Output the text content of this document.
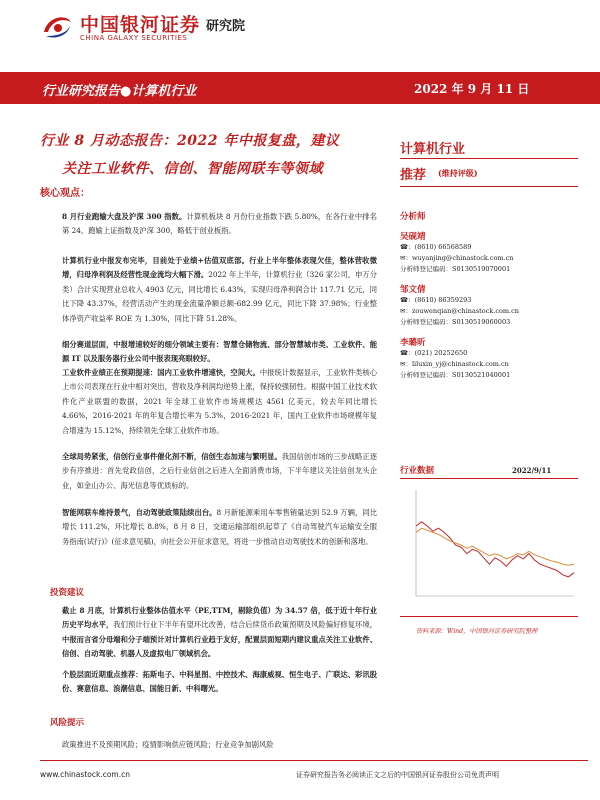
中国银河证券
CHINA GALAXY SECURITIES
研究院
行业研究报告●计算机行业	2022 年 9 月 11 日
行业 8 月动态报告：2022 年中报复盘，建议
关注工业软件、信创、智能网联车等领域
核心观点：
计算机行业
推荐 (维持评级)
分析师
吴砚靖
☎：(8610) 66568589
✉：wuyanjing@chinastock.com.cn
分析师登记编码：S0130519070001
邹文倩
☎：(8610) 86359293
✉：zouwenqian@chinastock.com.cn
分析师登记编码：S0130519060003
李璐昕
☎：(021) 20252650
✉：liluxin_yj@chinastock.com.cn
分析师登记编码：S0130521040001
行业数据	2022/9/11
资料来源：Wind，中国银河证券研究院整理
8 月行业跑输大盘及沪深 300 指数。计算机板块 8 月份行业指数下跌 5.80%，在各行业中排名第 24，跑输上证指数及沪深 300，略低于创业板指。
计算机行业中报发布完毕，目前处于业绩+估值双底部。行业上半年整体表现欠佳，整体营收微增，归母净利润及经营性现金流均大幅下滑。2022 年上半年，计算机行业（326 家公司，申万分类）合计实现营业总收入 4903 亿元，同比增长 6.43%，实现归母净利润合计 117.71 亿元，同比下降 43.37%，经营活动产生的现金流量净额总额-682.99 亿元，同比下降 37.98%；行业整体净资产收益率 ROE 为 1.30%，同比下降 51.28%。
细分赛道层面，中报增速较好的细分领域主要有：智慧仓储物流、部分智慧城市类、工业软件、能源 IT 以及服务器行业公司中报表现亮眼较好。
工业软件业绩正在预期提速：国内工业软件增速快，空间大。中报统计数据显示，工业软件类核心上市公司表现在行业中相对突出，营收及净利润均逆势上涨，保持较强韧性。根据中国工业技术软件化产业联盟的数据，2021 年全球工业软件市场规模达 4561 亿美元，较去年同比增长 4.66%，2016-2021 年的年复合增长率为 5.3%，2016-2021 年，国内工业软件市场规模年复合增速为 15.12%，持续领先全球工业软件市场。
全球局势紧张，信创行业事件催化剂不断，信创生态加速与繁明显。我国信创市场的三步战略正逐步有序推进：首先党政信创，之后行业信创之后进入全面消费市场，下半年建议关注信创龙头企业，如金山办公、海光信息等优质标的。
智能网联车维持景气，自动驾驶政策陆续出台。8 月新能源乘用车零售销量达到 52.9 万辆，同比增长 111.2%，环比增长 8.8%，8 月 8 日，交通运输部组织起草了《自动驾驶汽车运输安全服务指南(试行)》(征求意见稿)，向社会公开征求意见，将进一步推动自动驾驶技术的创新和落地。
投资建议
截止 8 月底，计算机行业整体估值水平（PE,TTM，剔除负值）为 34.57 倍，低于近十年行业历史平均水平，我们预计行业下半年有望环比改善，结合后续货币政策预期及风险偏好修复环境，中报而言省分母端和分子端预计对计算机行业趋于友好，配置层面短期内建议重点关注工业软件、信创、自动驾驶、机器人及虚拟电厂领域机会。
个股层面近期重点推荐：拓斯电子、中科星图、中控技术、海康威视、恒生电子、广联达、彩讯股份、赛意信息、浪潮信息、国能日新、中科曙光。
风险提示
政策推进不及预期风险；疫情影响供应链风险；行业竞争加剧风险
www.chinastock.com.cn	证券研究报告务必阅读正文之后的中国银河证券股份公司免责声明
